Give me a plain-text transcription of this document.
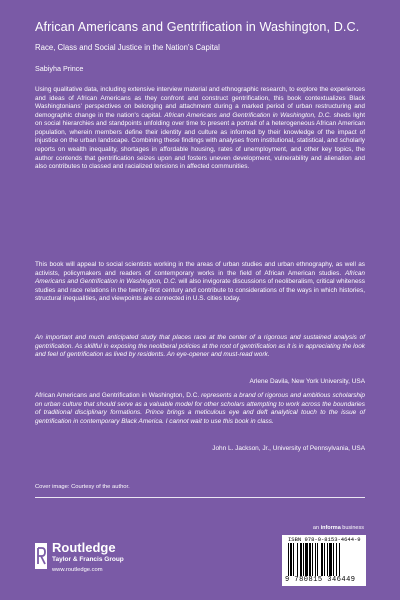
African Americans and Gentrification in Washington, D.C.
Race, Class and Social Justice in the Nation's Capital
Sabiyha Prince
Using qualitative data, including extensive interview material and ethnographic research, to explore the experiences and ideas of African Americans as they confront and construct gentrification, this book contextualizes Black Washingtonians' perspectives on belonging and attachment during a marked period of urban restructuring and demographic change in the nation's capital. African Americans and Gentrification in Washington, D.C. sheds light on social hierarchies and standpoints unfolding over time to present a portrait of a heterogeneous African American population, wherein members define their identity and culture as informed by their knowledge of the impact of injustice on the urban landscape. Combining these findings with analyses from institutional, statistical, and scholarly reports on wealth inequality, shortages in affordable housing, rates of unemployment, and other key topics, the author contends that gentrification seizes upon and fosters uneven development, vulnerability and alienation and also contributes to classed and racialized tensions in affected communities.
This book will appeal to social scientists working in the areas of urban studies and urban ethnography, as well as activists, policymakers and readers of contemporary works in the field of African American studies. African Americans and Gentrification in Washington, D.C. will also invigorate discussions of neoliberalism, critical whiteness studies and race relations in the twenty-first century and contribute to considerations of the ways in which histories, structural inequalities, and viewpoints are connected in U.S. cities today.
An important and much anticipated study that places race at the center of a rigorous and sustained analysis of gentrification. As skillful in exposing the neoliberal policies at the root of gentrification as it is in appreciating the look and feel of gentrification as lived by residents. An eye-opener and must-read work.
Arlene Davila, New York University, USA
African Americans and Gentrification in Washington, D.C. represents a brand of rigorous and ambitious scholarship on urban culture that should serve as a valuable model for other scholars attempting to work across the boundaries of traditional disciplinary formations. Prince brings a meticulous eye and deft analytical touch to the issue of gentrification in contemporary Black America. I cannot wait to use this book in class.
John L. Jackson, Jr., University of Pennsylvania, USA
Cover image: Courtesy of the author.
an informa business
Routledge
Taylor & Francis Group
www.routledge.com
ISBN 978-0-8153-4644-9
9 780815 346449
